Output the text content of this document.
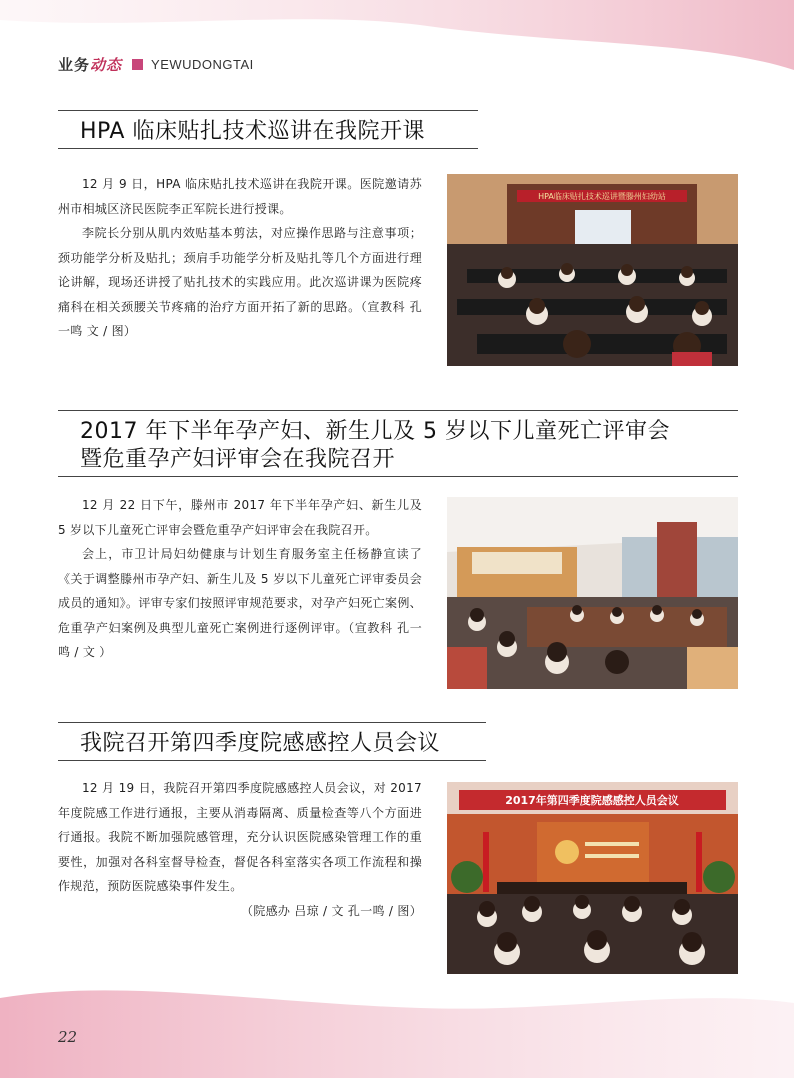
业务动态 YEWUDONGTAI
HPA 临床贴扎技术巡讲在我院开课

12 月 9 日，HPA 临床贴扎技术巡讲在我院开课。医院邀请苏州市相城区济民医院李正军院长进行授课。

李院长分别从肌内效贴基本剪法，对应操作思路与注意事项；颈功能学分析及贴扎；颈肩手功能学分析及贴扎等几个方面进行理论讲解，现场还讲授了贴扎技术的实践应用。此次巡讲课为医院疼痛科在相关颈腰关节疼痛的治疗方面开拓了新的思路。（宣教科 孔一鸣 文 / 图）

HPA临床贴扎技术巡讲暨滕州妇幼站
2017 年下半年孕产妇、新生儿及 5 岁以下儿童死亡评审会
暨危重孕产妇评审会在我院召开

12 月 22 日下午，滕州市 2017 年下半年孕产妇、新生儿及 5 岁以下儿童死亡评审会暨危重孕产妇评审会在我院召开。

会上，市卫计局妇幼健康与计划生育服务室主任杨静宣读了《关于调整滕州市孕产妇、新生儿及 5 岁以下儿童死亡评审委员会成员的通知》。评审专家们按照评审规范要求，对孕产妇死亡案例、危重孕产妇案例及典型儿童死亡案例进行逐例评审。（宣教科 孔一鸣 / 文 ）

我院召开第四季度院感感控人员会议

12 月 19 日，我院召开第四季度院感感控人员会议，对 2017 年度院感工作进行通报，主要从消毒隔离、质量检查等八个方面进行通报。我院不断加强院感管理，充分认识医院感染管理工作的重要性，加强对各科室督导检查，督促各科室落实各项工作流程和操作规范，预防医院感染事件发生。

（院感办 吕琼 / 文 孔一鸣 / 图）

2017年第四季度院感感控人员会议
22
